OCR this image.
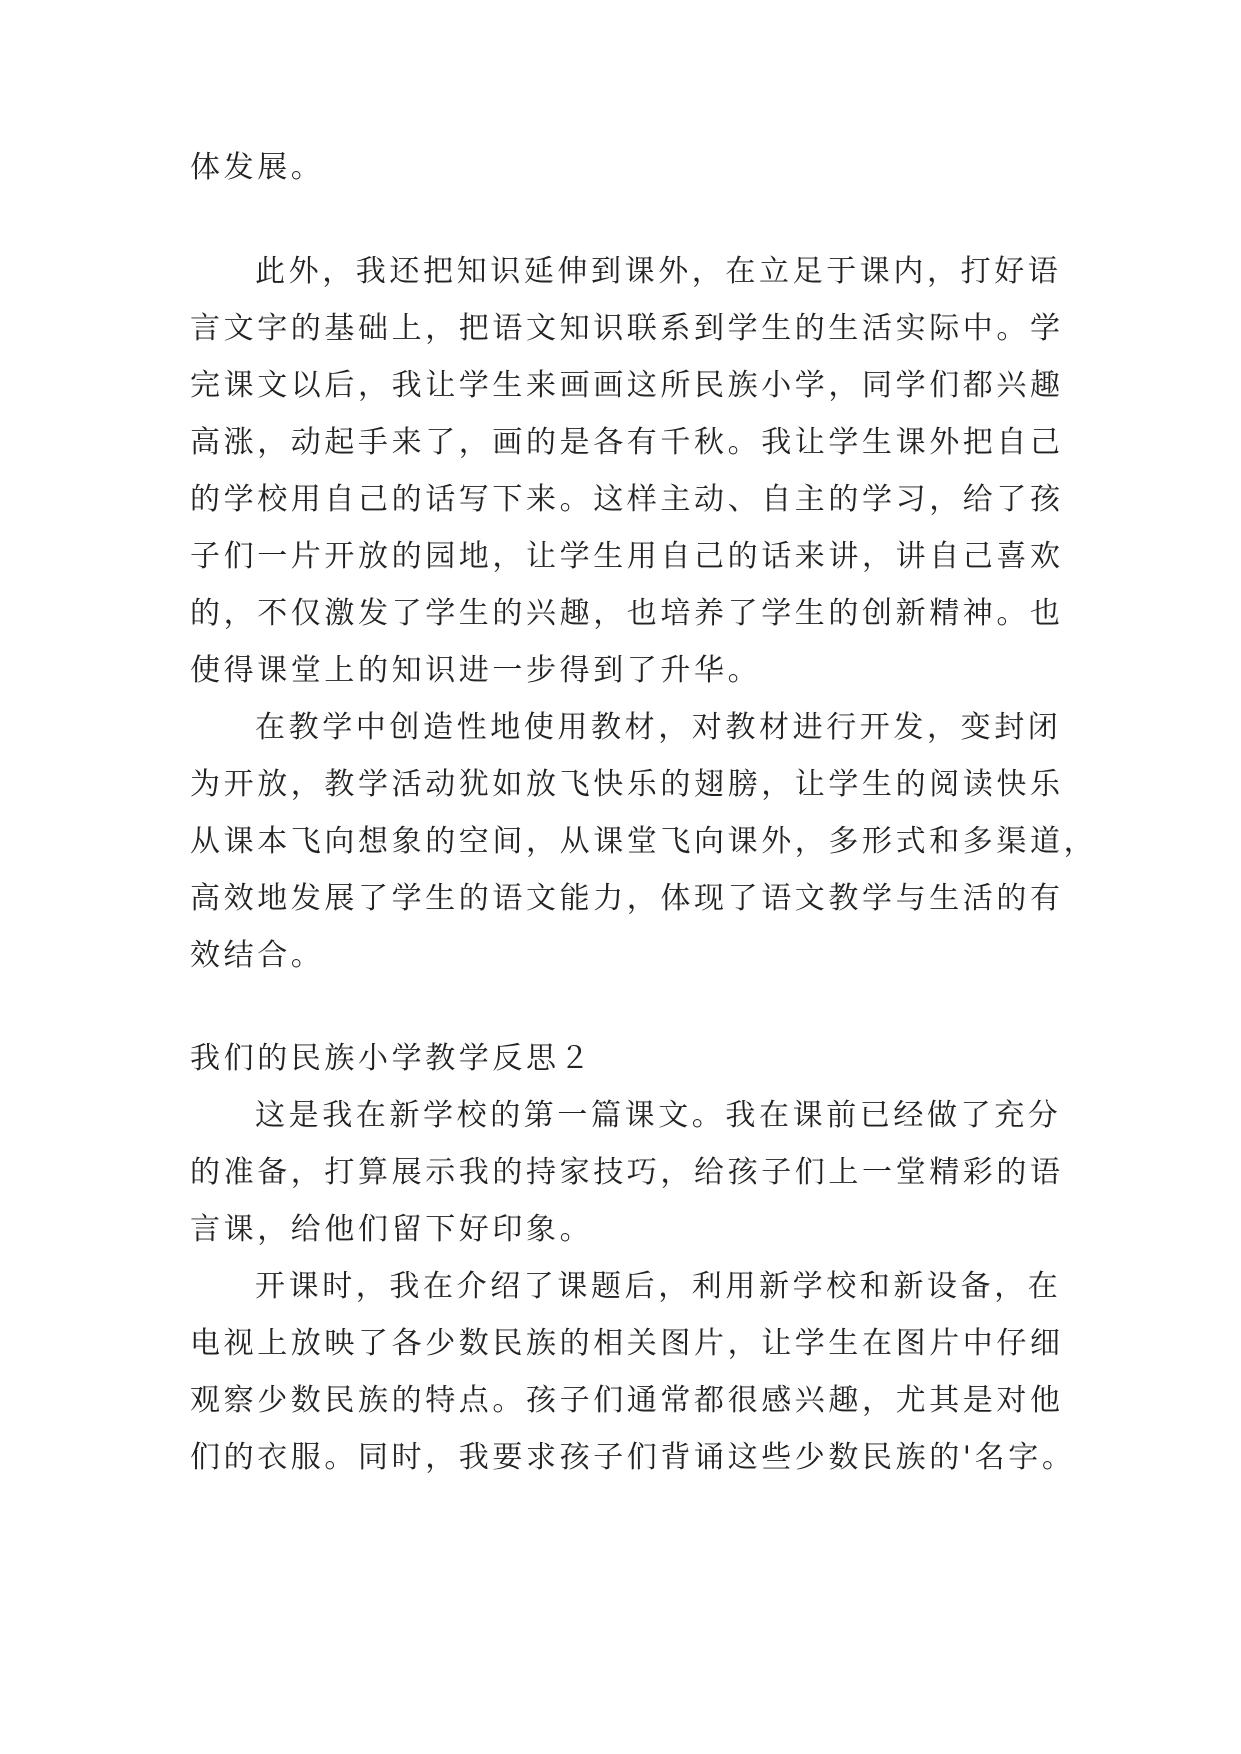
体发展。
此外，我还把知识延伸到课外，在立足于课内，打好语
言文字的基础上，把语文知识联系到学生的生活实际中。学
完课文以后，我让学生来画画这所民族小学，同学们都兴趣
高涨，动起手来了，画的是各有千秋。我让学生课外把自己
的学校用自己的话写下来。这样主动、自主的学习，给了孩
子们一片开放的园地，让学生用自己的话来讲，讲自己喜欢
的，不仅激发了学生的兴趣，也培养了学生的创新精神。也
使得课堂上的知识进一步得到了升华。
在教学中创造性地使用教材，对教材进行开发，变封闭
为开放，教学活动犹如放飞快乐的翅膀，让学生的阅读快乐
从课本飞向想象的空间，从课堂飞向课外，多形式和多渠道，
高效地发展了学生的语文能力，体现了语文教学与生活的有
效结合。
我们的民族小学教学反思２
这是我在新学校的第一篇课文。我在课前已经做了充分
的准备，打算展示我的持家技巧，给孩子们上一堂精彩的语
言课，给他们留下好印象。
开课时，我在介绍了课题后，利用新学校和新设备，在
电视上放映了各少数民族的相关图片，让学生在图片中仔细
观察少数民族的特点。孩子们通常都很感兴趣，尤其是对他
们的衣服。同时，我要求孩子们背诵这些少数民族的'名字。
